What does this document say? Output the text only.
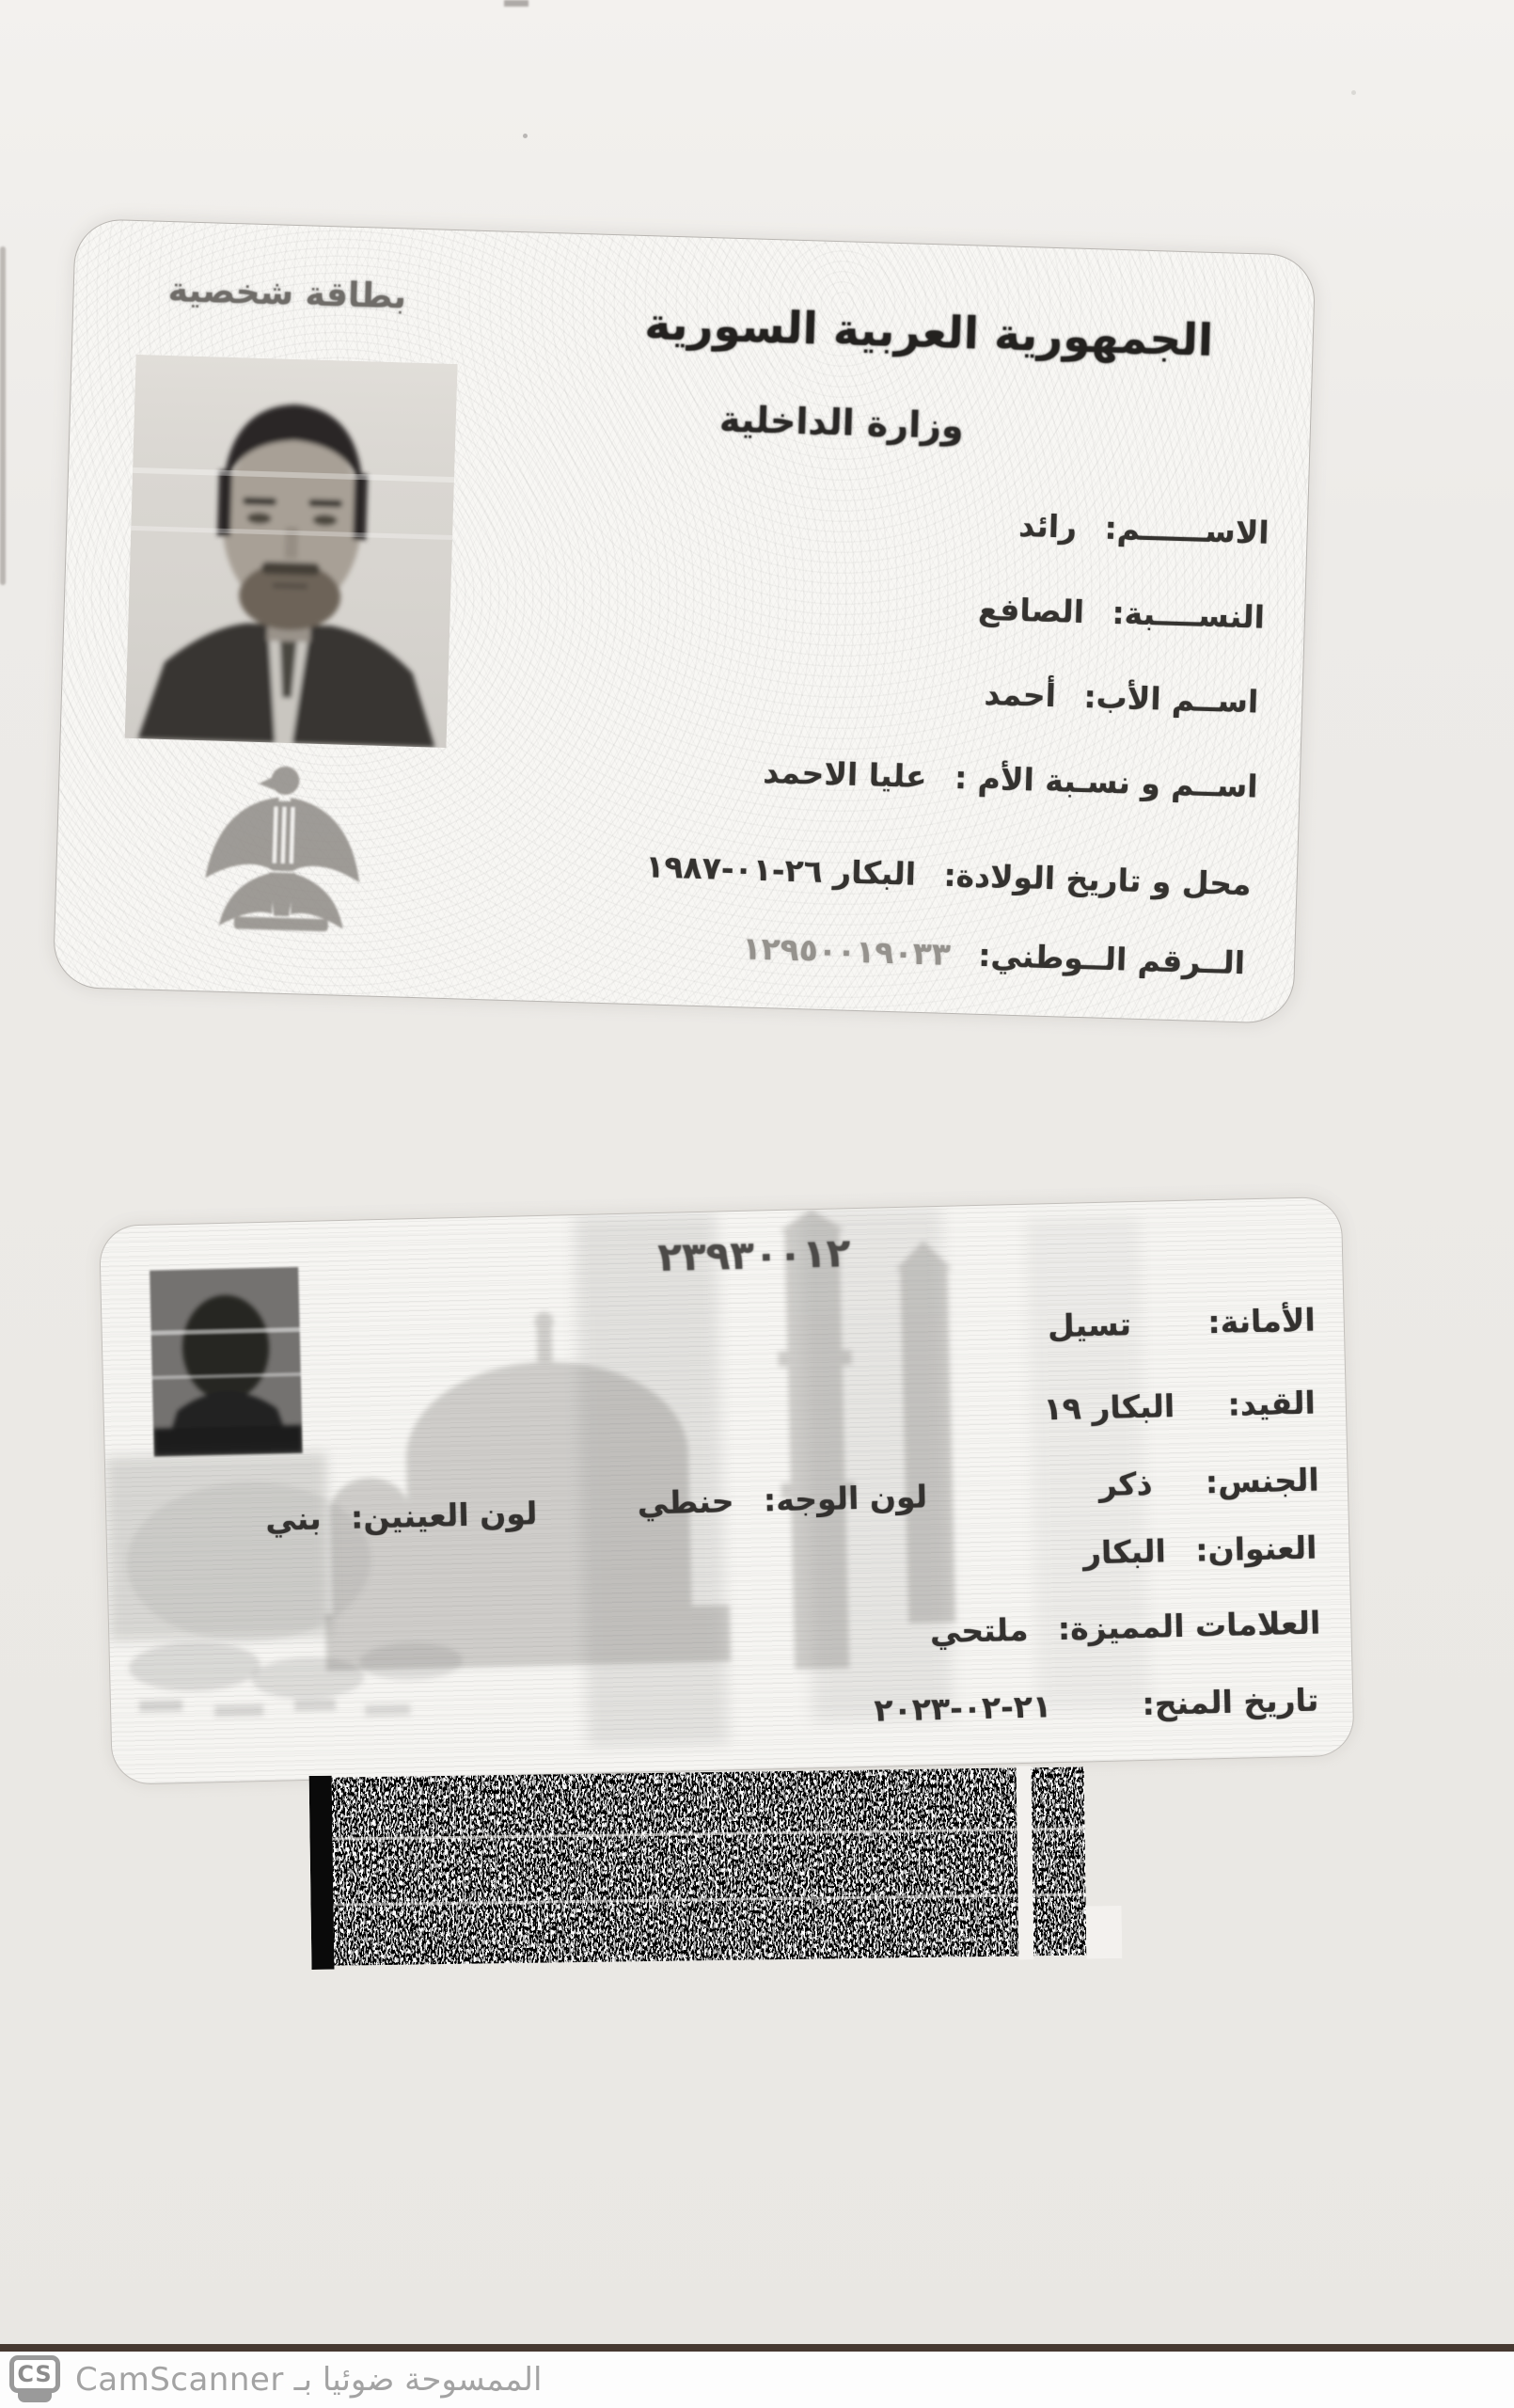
بطاقة شخصية
الجمهورية العربية السورية
وزارة الداخلية
الاســــــم: رائد
النســــبة: الصافع
اســم الأب: أحمد
اســم و نسـبة الأم : عليا الاحمد
محل و تاريخ الولادة: البكار ٢٦-٠١-١٩٨٧
الــرقم الــوطني: ١٢٩٥٠٠١٩٠٣٣
٢٣٩٣٠٠١٢
الأمانة: تسيل
القيد: البكار ١٩
الجنس: ذكر
لون الوجه: حنطي
لون العينين: بني
العنوان: البكار
العلامات المميزة: ملتحي
تاريخ المنح: ٢١-٠٢-٢٠٢٣
CS الممسوحة ضوئيا بـ CamScanner
